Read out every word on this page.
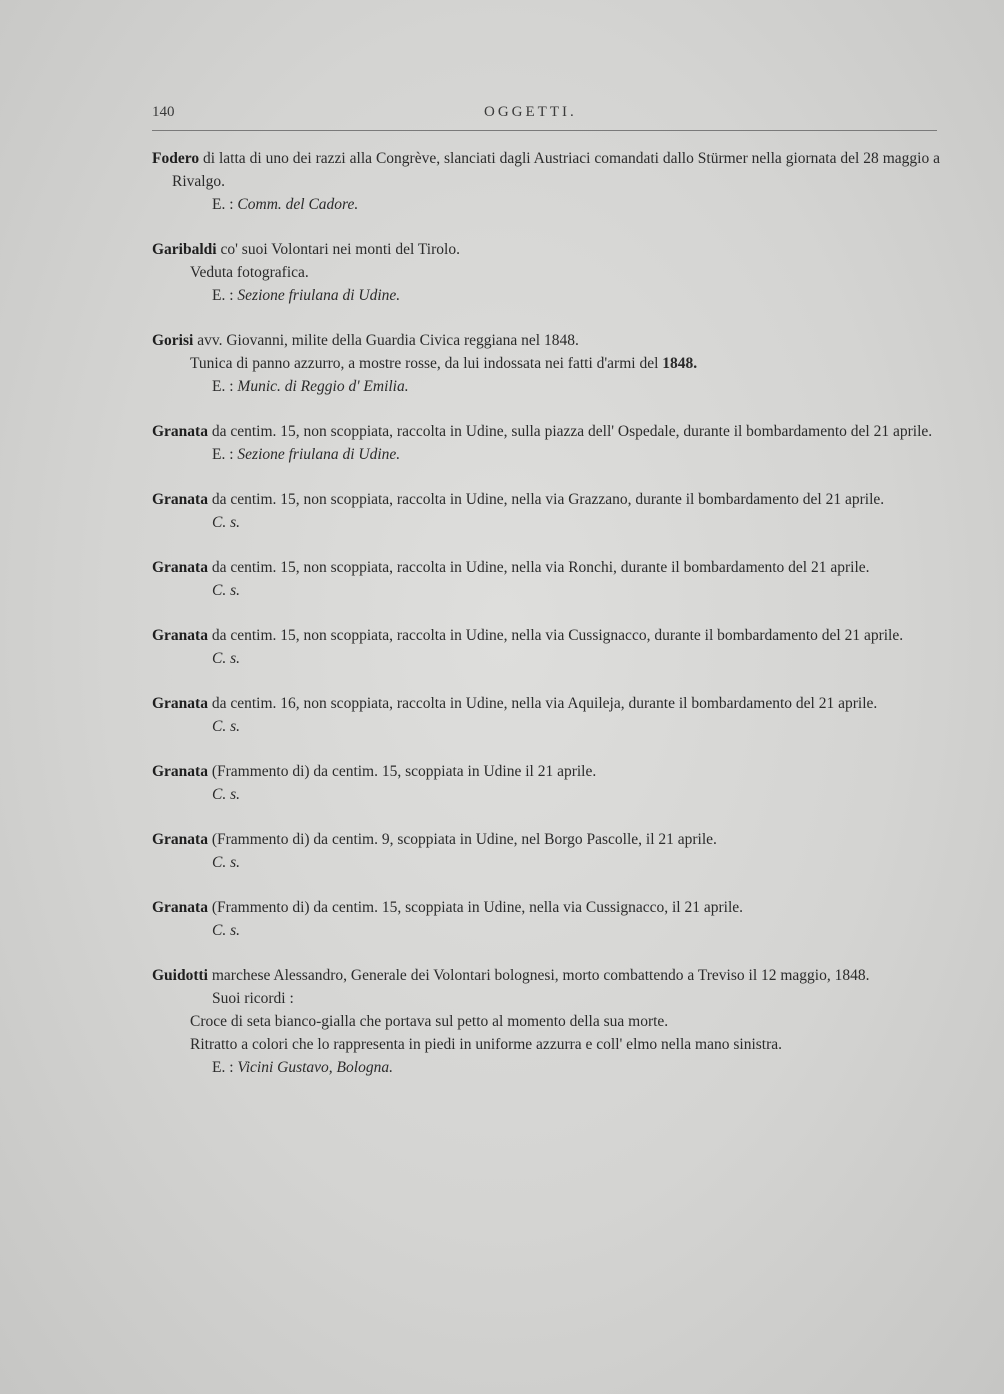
140	OGGETTI.

Fodero di latta di uno dei razzi alla Congrève, slanciati dagli Austriaci comandati dallo Stürmer nella giornata del 28 maggio a Rivalgo.

E. : Comm. del Cadore.

Garibaldi co' suoi Volontari nei monti del Tirolo.

Veduta fotografica.

E. : Sezione friulana di Udine.

Gorisi avv. Giovanni, milite della Guardia Civica reggiana nel 1848.

Tunica di panno azzurro, a mostre rosse, da lui indossata nei fatti d'armi del 1848.

E. : Munic. di Reggio d' Emilia.

Granata da centim. 15, non scoppiata, raccolta in Udine, sulla piazza dell' Ospedale, durante il bombardamento del 21 aprile.

E. : Sezione friulana di Udine.

Granata da centim. 15, non scoppiata, raccolta in Udine, nella via Grazzano, durante il bombardamento del 21 aprile.

C. s.

Granata da centim. 15, non scoppiata, raccolta in Udine, nella via Ronchi, durante il bombardamento del 21 aprile.

C. s.

Granata da centim. 15, non scoppiata, raccolta in Udine, nella via Cussignacco, durante il bombardamento del 21 aprile.

C. s.

Granata da centim. 16, non scoppiata, raccolta in Udine, nella via Aquileja, durante il bombardamento del 21 aprile.

C. s.

Granata (Frammento di) da centim. 15, scoppiata in Udine il 21 aprile.

C. s.

Granata (Frammento di) da centim. 9, scoppiata in Udine, nel Borgo Pascolle, il 21 aprile.

C. s.

Granata (Frammento di) da centim. 15, scoppiata in Udine, nella via Cussignacco, il 21 aprile.

C. s.

Guidotti marchese Alessandro, Generale dei Volontari bolognesi, morto combattendo a Treviso il 12 maggio, 1848.

Suoi ricordi :

Croce di seta bianco-gialla che portava sul petto al momento della sua morte.

Ritratto a colori che lo rappresenta in piedi in uniforme azzurra e coll' elmo nella mano sinistra.

E. : Vicini Gustavo, Bologna.
